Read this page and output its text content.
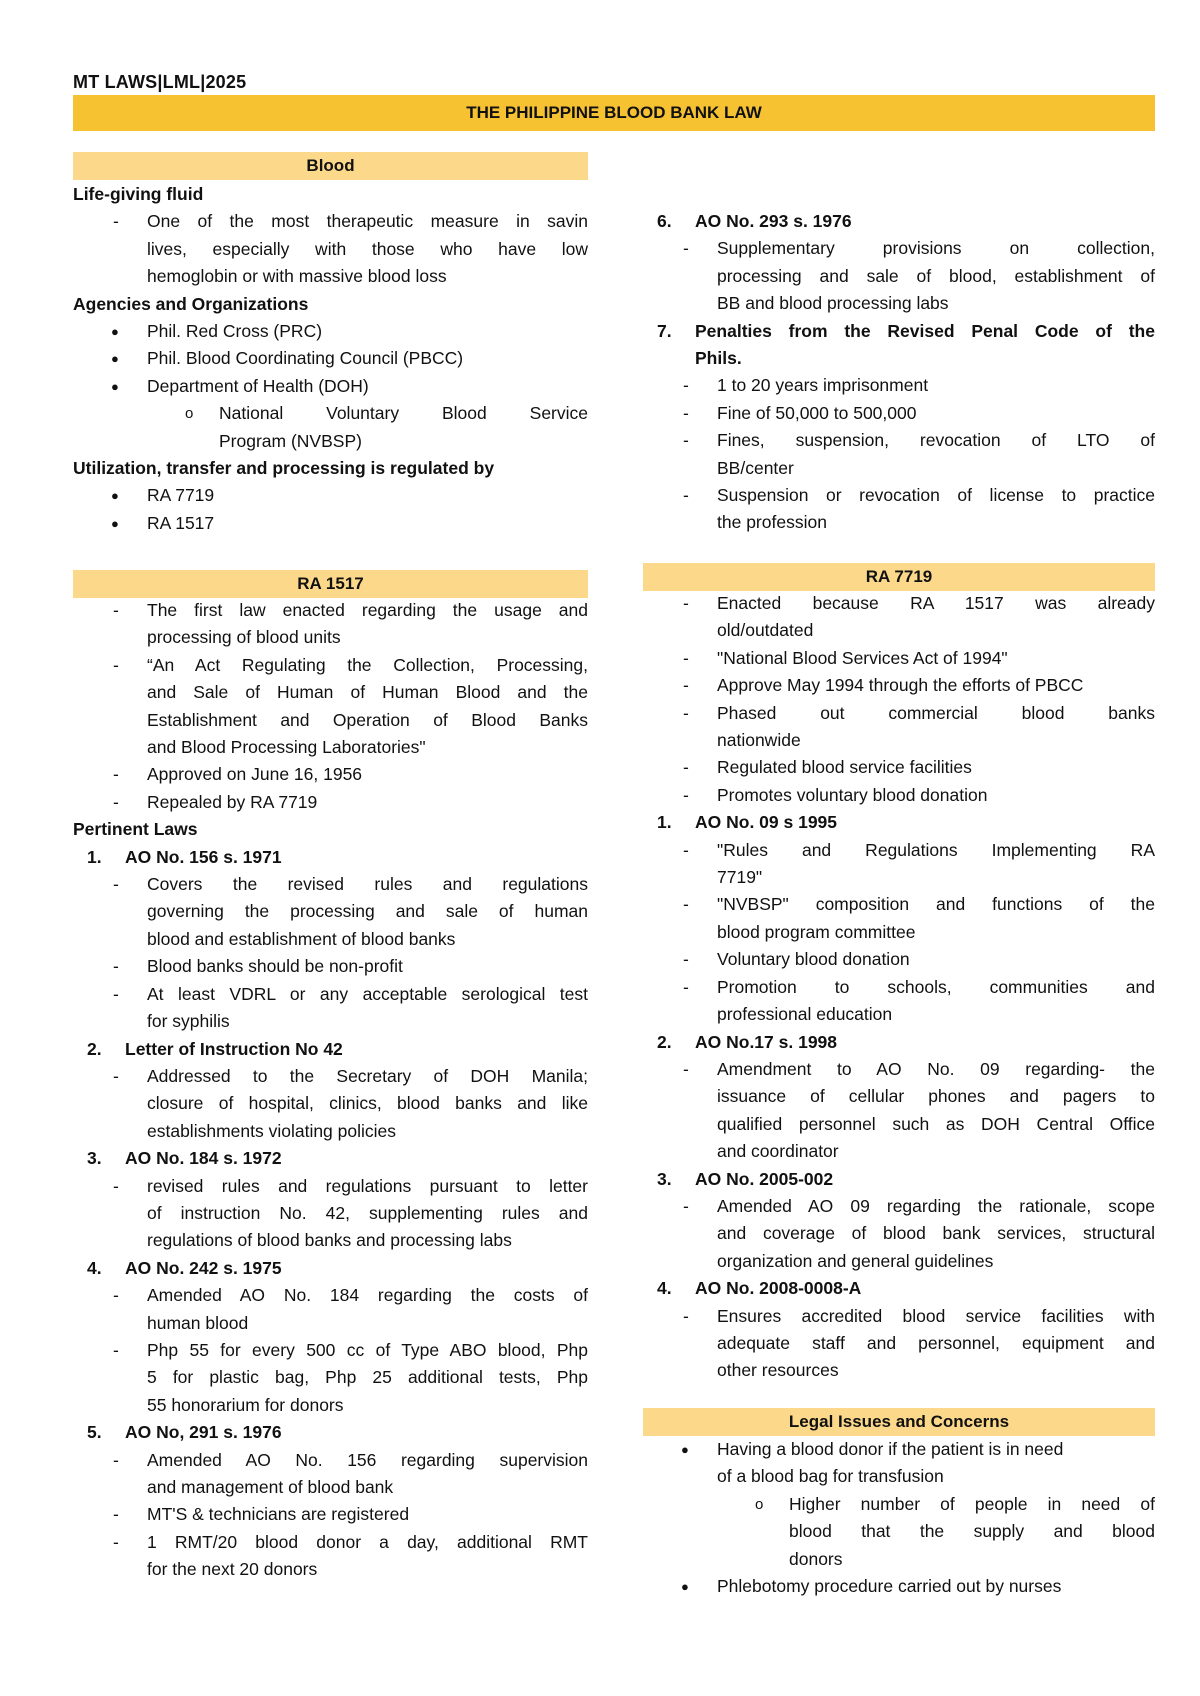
MT LAWS|LML|2025
THE PHILIPPINE BLOOD BANK LAW
Blood
Life-giving fluid
- One of the most therapeutic measure in savin
lives, especially with those who have low
hemoglobin or with massive blood loss
Agencies and Organizations
● Phil. Red Cross (PRC)
● Phil. Blood Coordinating Council (PBCC)
● Department of Health (DOH)
o National Voluntary Blood Service
Program (NVBSP)
Utilization, transfer and processing is regulated by
● RA 7719
● RA 1517
RA 1517
- The first law enacted regarding the usage and
processing of blood units
- “An Act Regulating the Collection, Processing,
and Sale of Human of Human Blood and the
Establishment and Operation of Blood Banks
and Blood Processing Laboratories"
- Approved on June 16, 1956
- Repealed by RA 7719
Pertinent Laws
1. AO No. 156 s. 1971
- Covers the revised rules and regulations
governing the processing and sale of human
blood and establishment of blood banks
- Blood banks should be non-profit
- At least VDRL or any acceptable serological test
for syphilis
2. Letter of Instruction No 42
- Addressed to the Secretary of DOH Manila;
closure of hospital, clinics, blood banks and like
establishments violating policies
3. AO No. 184 s. 1972
- revised rules and regulations pursuant to letter
of instruction No. 42, supplementing rules and
regulations of blood banks and processing labs
4. AO No. 242 s. 1975
- Amended AO No. 184 regarding the costs of
human blood
- Php 55 for every 500 cc of Type ABO blood, Php
5 for plastic bag, Php 25 additional tests, Php
55 honorarium for donors
5. AO No, 291 s. 1976
- Amended AO No. 156 regarding supervision
and management of blood bank
- MT'S & technicians are registered
- 1 RMT/20 blood donor a day, additional RMT
for the next 20 donors
6. AO No. 293 s. 1976
- Supplementary provisions on collection,
processing and sale of blood, establishment of
BB and blood processing labs
7. Penalties from the Revised Penal Code of the
Phils.
- 1 to 20 years imprisonment
- Fine of 50,000 to 500,000
- Fines, suspension, revocation of LTO of
BB/center
- Suspension or revocation of license to practice
the profession
RA 7719
- Enacted because RA 1517 was already
old/outdated
- "National Blood Services Act of 1994"
- Approve May 1994 through the efforts of PBCC
- Phased out commercial blood banks
nationwide
- Regulated blood service facilities
- Promotes voluntary blood donation
1. AO No. 09 s 1995
- "Rules and Regulations Implementing RA
7719"
- "NVBSP" composition and functions of the
blood program committee
- Voluntary blood donation
- Promotion to schools, communities and
professional education
2. AO No.17 s. 1998
- Amendment to AO No. 09 regarding- the
issuance of cellular phones and pagers to
qualified personnel such as DOH Central Office
and coordinator
3. AO No. 2005-002
- Amended AO 09 regarding the rationale, scope
and coverage of blood bank services, structural
organization and general guidelines
4. AO No. 2008-0008-A
- Ensures accredited blood service facilities with
adequate staff and personnel, equipment and
other resources
Legal Issues and Concerns
● Having a blood donor if the patient is in need
of a blood bag for transfusion
o Higher number of people in need of
blood that the supply and blood
donors
● Phlebotomy procedure carried out by nurses
